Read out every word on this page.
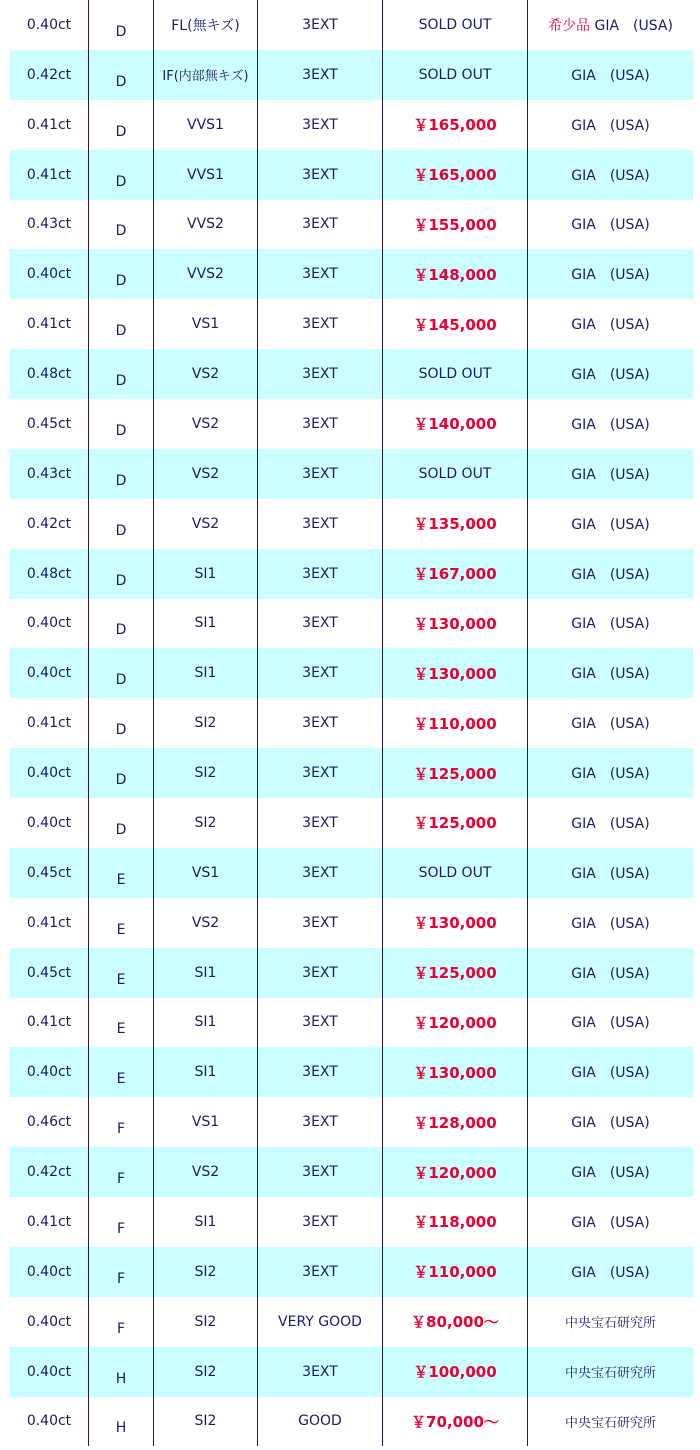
0.40ct	D	FL(無キズ)	3EXT	SOLD OUT	希少品 GIA　(USA)
0.42ct	D	IF(内部無キズ)	3EXT	SOLD OUT	GIA　(USA)
0.41ct	D	VVS1	3EXT	￥165,000	GIA　(USA)
0.41ct	D	VVS1	3EXT	￥165,000	GIA　(USA)
0.43ct	D	VVS2	3EXT	￥155,000	GIA　(USA)
0.40ct	D	VVS2	3EXT	￥148,000	GIA　(USA)
0.41ct	D	VS1	3EXT	￥145,000	GIA　(USA)
0.48ct	D	VS2	3EXT	SOLD OUT	GIA　(USA)
0.45ct	D	VS2	3EXT	￥140,000	GIA　(USA)
0.43ct	D	VS2	3EXT	SOLD OUT	GIA　(USA)
0.42ct	D	VS2	3EXT	￥135,000	GIA　(USA)
0.48ct	D	SI1	3EXT	￥167,000	GIA　(USA)
0.40ct	D	SI1	3EXT	￥130,000	GIA　(USA)
0.40ct	D	SI1	3EXT	￥130,000	GIA　(USA)
0.41ct	D	SI2	3EXT	￥110,000	GIA　(USA)
0.40ct	D	SI2	3EXT	￥125,000	GIA　(USA)
0.40ct	D	SI2	3EXT	￥125,000	GIA　(USA)
0.45ct	E	VS1	3EXT	SOLD OUT	GIA　(USA)
0.41ct	E	VS2	3EXT	￥130,000	GIA　(USA)
0.45ct	E	SI1	3EXT	￥125,000	GIA　(USA)
0.41ct	E	SI1	3EXT	￥120,000	GIA　(USA)
0.40ct	E	SI1	3EXT	￥130,000	GIA　(USA)
0.46ct	F	VS1	3EXT	￥128,000	GIA　(USA)
0.42ct	F	VS2	3EXT	￥120,000	GIA　(USA)
0.41ct	F	SI1	3EXT	￥118,000	GIA　(USA)
0.40ct	F	SI2	3EXT	￥110,000	GIA　(USA)
0.40ct	F	SI2	VERY GOOD	￥80,000～	中央宝石研究所
0.40ct	H	SI2	3EXT	￥100,000	中央宝石研究所
0.40ct	H	SI2	GOOD	￥70,000～	中央宝石研究所
